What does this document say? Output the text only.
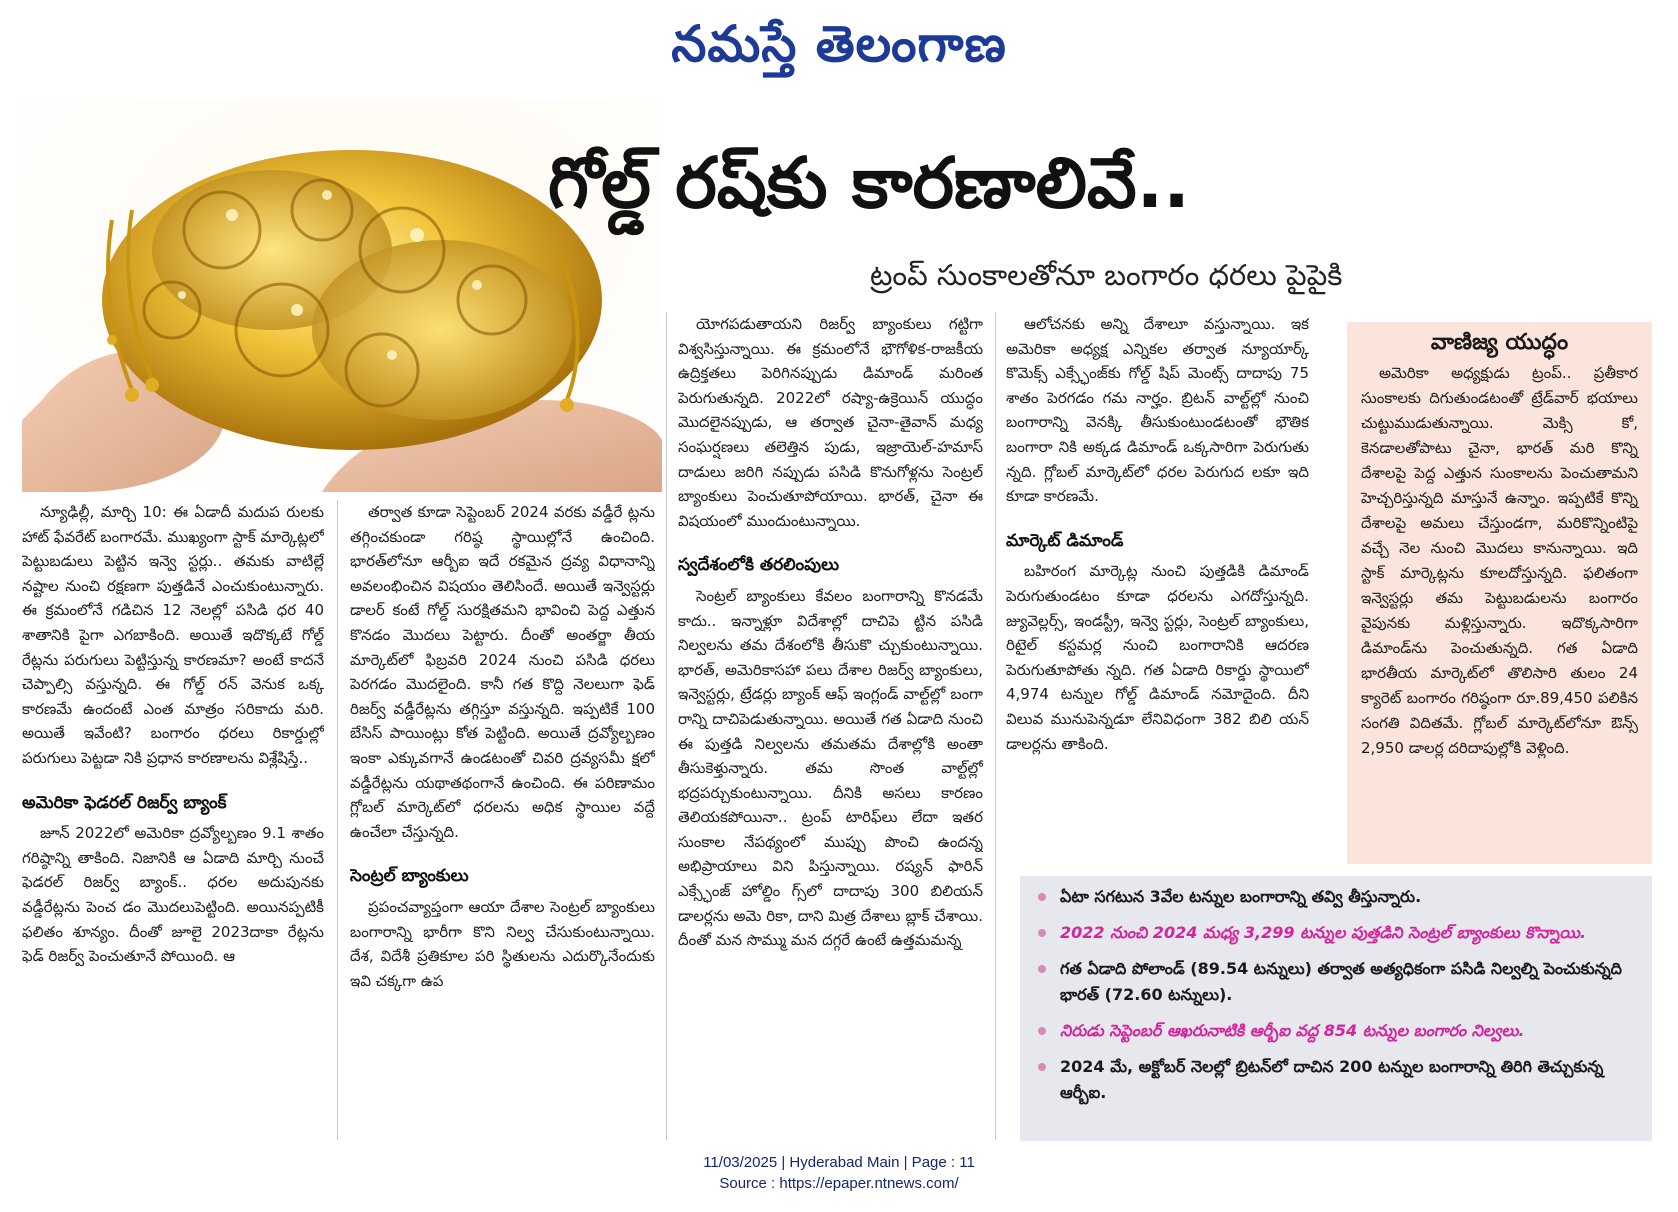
నమస్తే తెలంగాణ
గోల్డ్‌ రష్‌కు కారణాలివే..
ట్రంప్‌ సుంకాలతోనూ బంగారం ధరలు పైపైకి

న్యూఢిల్లీ, మార్చి 10: ఈ ఏడాదీ మదుప రులకు హాట్‌ ఫేవరేట్‌ బంగారమే. ముఖ్యంగా స్టాక్‌ మార్కెట్లలో పెట్టుబడులు పెట్టిన ఇన్వె స్టర్లు.. తమకు వాటిల్లే నష్టాల నుంచి రక్షణగా పుత్తడినే ఎంచుకుంటున్నారు. ఈ క్రమంలోనే గడిచిన 12 నెలల్లో పసిడి ధర 40 శాతానికి పైగా ఎగబాకింది. అయితే ఇదొక్కటే గోల్డ్‌ రేట్లను పరుగులు పెట్టిస్తున్న కారణమా? అంటే కాదనే చెప్పాల్సి వస్తున్నది. ఈ గోల్డ్‌ రన్‌ వెనుక ఒక్క కారణమే ఉందంటే ఎంత మాత్రం సరికాదు మరి. అయితే ఇవేంటి? బంగారం ధరలు రికార్డుల్లో పరుగులు పెట్టడా నికి ప్రధాన కారణాలను విశ్లేషిస్తే..

అమెరికా ఫెడరల్‌ రిజర్వ్‌ బ్యాంక్‌

జూన్‌ 2022లో అమెరికా ద్రవ్యోల్బణం 9.1 శాతం గరిష్ఠాన్ని తాకింది. నిజానికి ఆ ఏడాది మార్చి నుంచే ఫెడరల్‌ రిజర్వ్‌ బ్యాంక్‌.. ధరల అదుపునకు వడ్డీరేట్లను పెంచ డం మొదలుపెట్టింది. అయినప్పటికీ ఫలితం శూన్యం. దీంతో జూలై 2023దాకా రేట్లను ఫెడ్‌ రిజర్వ్‌ పెంచుతూనే పోయింది. ఆ

తర్వాత కూడా సెప్టెంబర్‌ 2024 వరకు వడ్డీరే ట్లను తగ్గించకుండా గరిష్ఠ స్థాయిల్లోనే ఉంచింది. భారత్‌లోనూ ఆర్బీఐ ఇదే రకమైన ద్రవ్య విధానాన్ని అవలంభించిన విషయం తెలిసిందే. అయితే ఇన్వెస్టర్లు డాలర్‌ కంటే గోల్డ్‌ సురక్షితమని భావించి పెద్ద ఎత్తున కొనడం మొదలు పెట్టారు. దీంతో అంతర్జా తీయ మార్కెట్‌లో ఫిబ్రవరి 2024 నుంచి పసిడి ధరలు పెరగడం మొదలైంది. కానీ గత కొద్ది నెలలుగా ఫెడ్‌ రిజర్వ్‌ వడ్డీరేట్లను తగ్గిస్తూ వస్తున్నది. ఇప్పటికే 100 బేసిస్‌ పాయింట్లు కోత పెట్టింది. అయితే ద్రవ్యోల్బణం ఇంకా ఎక్కువగానే ఉండటంతో చివరి ద్రవ్యసమీ క్షలో వడ్డీరేట్లను యథాతథంగానే ఉంచింది. ఈ పరిణామం గ్లోబల్‌ మార్కెట్‌లో ధరలను అధిక స్థాయిల వద్దే ఉంచేలా చేస్తున్నది.

సెంట్రల్‌ బ్యాంకులు

ప్రపంచవ్యాప్తంగా ఆయా దేశాల సెంట్రల్‌ బ్యాంకులు బంగారాన్ని భారీగా కొని నిల్వ చేసుకుంటున్నాయి. దేశ, విదేశీ ప్రతికూల పరి స్థితులను ఎదుర్కొనేందుకు ఇవి చక్కగా ఉప

యోగపడుతాయని రిజర్వ్‌ బ్యాంకులు గట్టిగా విశ్వసిస్తున్నాయి. ఈ క్రమంలోనే భౌగోళిక-రాజకీయ ఉద్రిక్తతలు పెరిగినప్పుడు డిమాండ్‌ మరింత పెరుగుతున్నది. 2022లో రష్యా-ఉక్రెయిన్‌ యుద్ధం మొదలైనప్పుడు, ఆ తర్వాత చైనా-తైవాన్‌ మధ్య సంఘర్షణలు తలెత్తిన పుడు, ఇజ్రాయెల్‌-హమాస్‌ దాడులు జరిగి నప్పుడు పసిడి కొనుగోళ్లను సెంట్రల్‌ బ్యాంకులు పెంచుతూపోయాయి. భారత్‌, చైనా ఈ విషయంలో ముందుంటున్నాయి.

స్వదేశంలోకి తరలింపులు

సెంట్రల్‌ బ్యాంకులు కేవలం బంగారాన్ని కొనడమే కాదు.. ఇన్నాళ్లూ విదేశాల్లో దాచిపె ట్టిన పసిడి నిల్వలను తమ దేశంలోకి తీసుకొ చ్చుకుంటున్నాయి. భారత్‌, అమెరికాసహా పలు దేశాల రిజర్వ్‌ బ్యాంకులు, ఇన్వెస్టర్లు, ట్రేడర్లు బ్యాంక్‌ ఆఫ్‌ ఇంగ్లండ్‌ వాల్ట్‌ల్లో బంగా రాన్ని దాచిపెడుతున్నాయి. అయితే గత ఏడాది నుంచి ఈ పుత్తడి నిల్వలను తమతమ దేశాల్లోకి అంతా తీసుకెళ్తున్నారు. తమ సొంత వాల్ట్‌ల్లో భద్రపర్చుకుంటున్నాయి. దీనికి అసలు కారణం తెలియకపోయినా.. ట్రంప్‌ టారిఫ్‌లు లేదా ఇతర సుంకాల నేపథ్యంలో ముప్పు పొంచి ఉందన్న అభిప్రాయాలు విని పిస్తున్నాయి. రష్యన్‌ ఫారిన్‌ ఎక్స్ఛేంజ్‌ హోల్డిం గ్స్‌లో దాదాపు 300 బిలియన్‌ డాలర్లను అమె రికా, దాని మిత్ర దేశాలు బ్లాక్‌ చేశాయి. దీంతో మన సొమ్ము మన దగ్గరే ఉంటే ఉత్తమమన్న

ఆలోచనకు అన్ని దేశాలూ వస్తున్నాయి. ఇక అమెరికా అధ్యక్ష ఎన్నికల తర్వాత న్యూయార్క్‌ కొమెక్స్‌ ఎక్స్ఛేంజ్‌కు గోల్డ్‌ షిప్‌ మెంట్స్‌ దాదాపు 75 శాతం పెరగడం గమ నార్హం. బ్రిటన్‌ వాల్ట్‌ల్లో నుంచి బంగారాన్ని వెనక్కి తీసుకుంటుండటంతో భౌతిక బంగారా నికి అక్కడ డిమాండ్‌ ఒక్కసారిగా పెరుగుతు న్నది. గ్లోబల్‌ మార్కెట్‌లో ధరల పెరుగుద లకూ ఇది కూడా కారణమే.

మార్కెట్‌ డిమాండ్‌

బహిరంగ మార్కెట్ల నుంచి పుత్తడికి డిమాండ్‌ పెరుగుతుండటం కూడా ధరలను ఎగదోస్తున్నది. జ్యువెల్లర్స్‌, ఇండస్ట్రీ, ఇన్వె స్టర్లు, సెంట్రల్‌ బ్యాంకులు, రిటైల్‌ కస్టమర్ల నుంచి బంగారానికి ఆదరణ పెరుగుతూపోతు న్నది. గత ఏడాది రికార్డు స్థాయిలో 4,974 టన్నుల గోల్డ్‌ డిమాండ్‌ నమోదైంది. దీని విలువ మునుపెన్నడూ లేనివిధంగా 382 బిలి యన్‌ డాలర్లను తాకింది.

వాణిజ్య యుద్ధం

అమెరికా అధ్యక్షుడు ట్రంప్‌.. ప్రతీకార సుంకాలకు దిగుతుండటంతో ట్రేడ్‌వార్‌ భయాలు చుట్టుముడుతున్నాయి. మెక్సి కో, కెనడాలతోపాటు చైనా, భారత్‌ మరి కొన్ని దేశాలపై పెద్ద ఎత్తున సుంకాలను పెంచుతామని హెచ్చరిస్తున్నది మాస్తునే ఉన్నాం. ఇప్పటికే కొన్ని దేశాలపై అమలు చేస్తుండగా, మరికొన్నింటిపై వచ్చే నెల నుంచి మొదలు కానున్నాయి. ఇది స్టాక్‌ మార్కెట్లను కూలదోస్తున్నది. ఫలితంగా ఇన్వెస్టర్లు తమ పెట్టుబడులను బంగారం వైపునకు మళ్లిస్తున్నారు. ఇదొక్కసారిగా డిమాండ్‌ను పెంచుతున్నది. గత ఏడాది భారతీయ మార్కెట్‌లో తొలిసారి తులం 24 క్యారెట్‌ బంగారం గరిష్ఠంగా రూ.89,450 పలికిన సంగతి విదితమే. గ్లోబల్‌ మార్కెట్‌లోనూ ఔన్స్‌ 2,950 డాలర్ల దరిదాపుల్లోకి వెళ్లింది.

ఏటా సగటున 3వేల టన్నుల బంగారాన్ని తవ్వి తీస్తున్నారు.
2022 నుంచి 2024 మధ్య 3,299 టన్నుల పుత్తడిని సెంట్రల్‌ బ్యాంకులు కొన్నాయి.
గత ఏడాది పోలాండ్‌ (89.54 టన్నులు) తర్వాత అత్యధికంగా పసిడి నిల్వల్ని పెంచుకున్నది భారత్‌ (72.60 టన్నులు).
నిరుడు సెప్టెంబర్‌ ఆఖరునాటికి ఆర్బీఐ వద్ద 854 టన్నుల బంగారం నిల్వలు.
2024 మే, అక్టోబర్‌ నెలల్లో బ్రిటన్‌లో దాచిన 200 టన్నుల బంగారాన్ని తిరిగి తెచ్చుకున్న ఆర్బీఐ.
11/03/2025 | Hyderabad Main | Page : 11
Source : https://epaper.ntnews.com/
